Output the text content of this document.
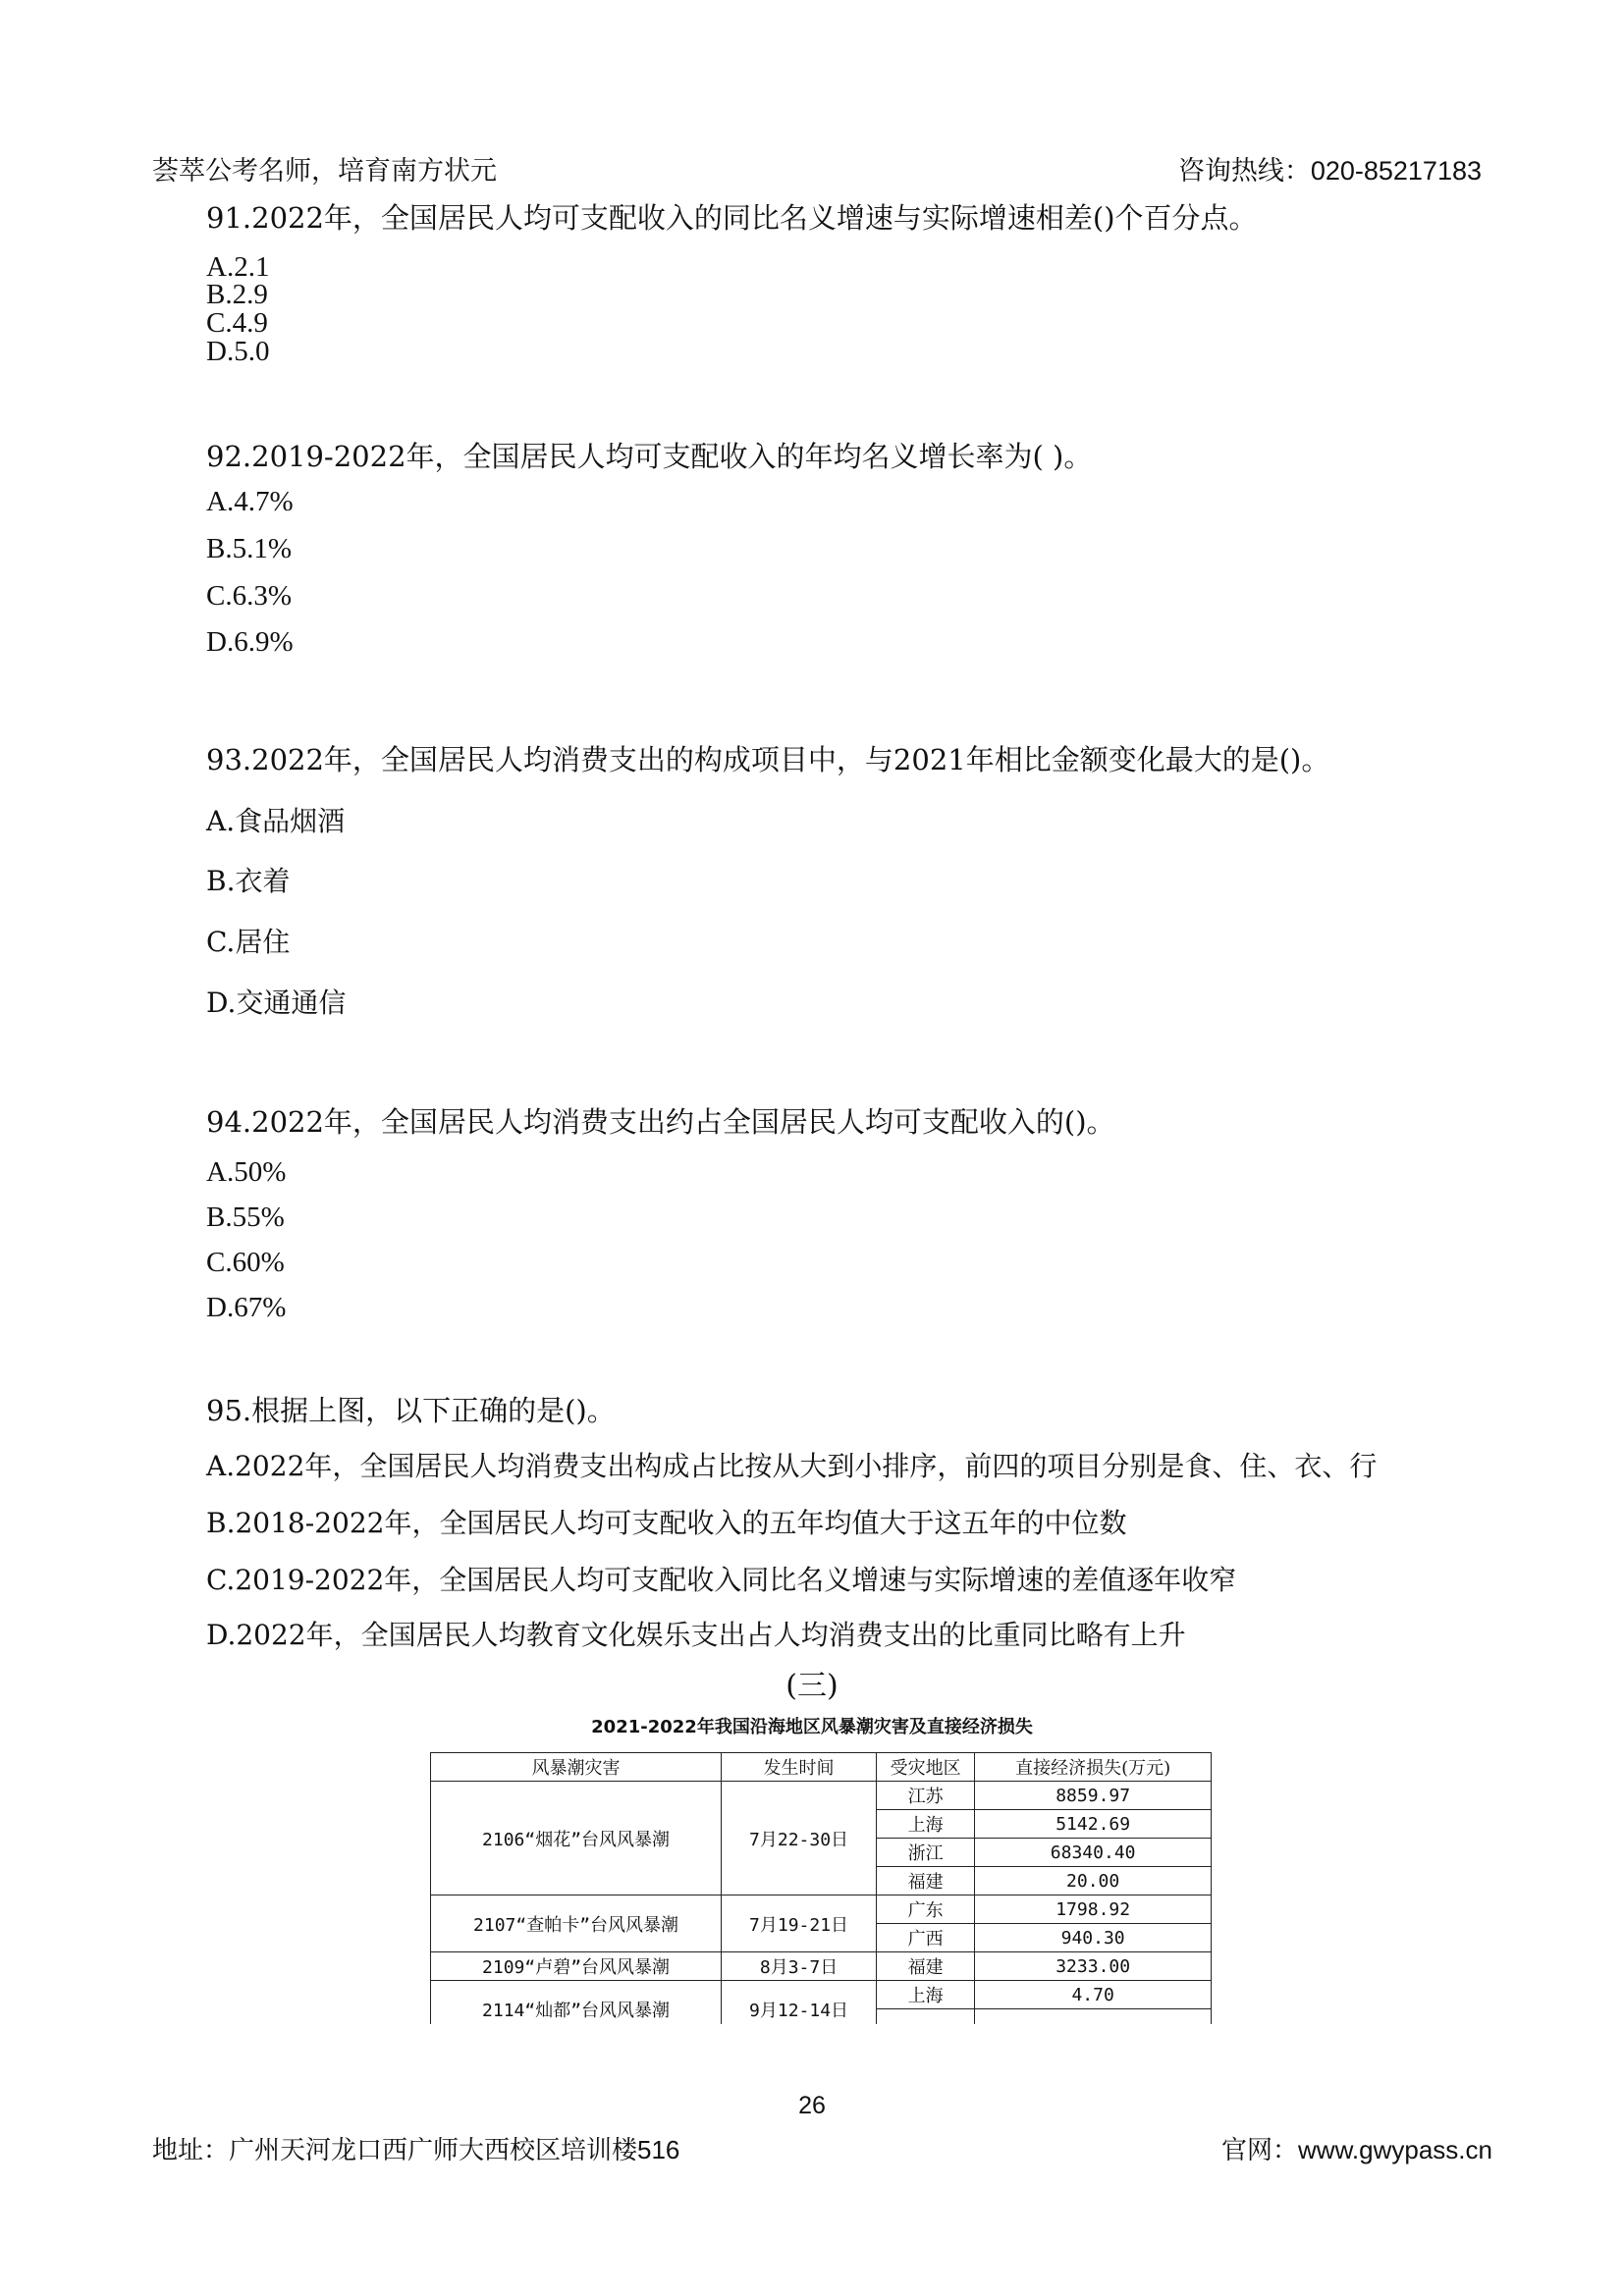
荟萃公考名师，培育南方状元	咨询热线：020-85217183
91.2022年，全国居民人均可支配收入的同比名义增速与实际增速相差()个百分点。
A.2.1
B.2.9
C.4.9
D.5.0
92.2019-2022年，全国居民人均可支配收入的年均名义增长率为( )。
A.4.7%
B.5.1%
C.6.3%
D.6.9%
93.2022年，全国居民人均消费支出的构成项目中，与2021年相比金额变化最大的是()。
A.食品烟酒
B.衣着
C.居住
D.交通通信
94.2022年，全国居民人均消费支出约占全国居民人均可支配收入的()。
A.50%
B.55%
C.60%
D.67%
95.根据上图，以下正确的是()。
A.2022年，全国居民人均消费支出构成占比按从大到小排序，前四的项目分别是食、住、衣、行
B.2018-2022年，全国居民人均可支配收入的五年均值大于这五年的中位数
C.2019-2022年，全国居民人均可支配收入同比名义增速与实际增速的差值逐年收窄
D.2022年，全国居民人均教育文化娱乐支出占人均消费支出的比重同比略有上升
(三)
2021-2022年我国沿海地区风暴潮灾害及直接经济损失
风暴潮灾害	发生时间	受灾地区	直接经济损失(万元)
2106“烟花”台风风暴潮	7月22-30日	江苏	8859.97
		上海	5142.69
		浙江	68340.40
		福建	20.00
2107“查帕卡”台风风暴潮	7月19-21日	广东	1798.92
		广西	940.30
2109“卢碧”台风风暴潮	8月3-7日	福建	3233.00
2114“灿都”台风风暴潮	9月12-14日	上海	4.70

26
地址：广州天河龙口西广师大西校区培训楼516	官网：www.gwypass.cn
